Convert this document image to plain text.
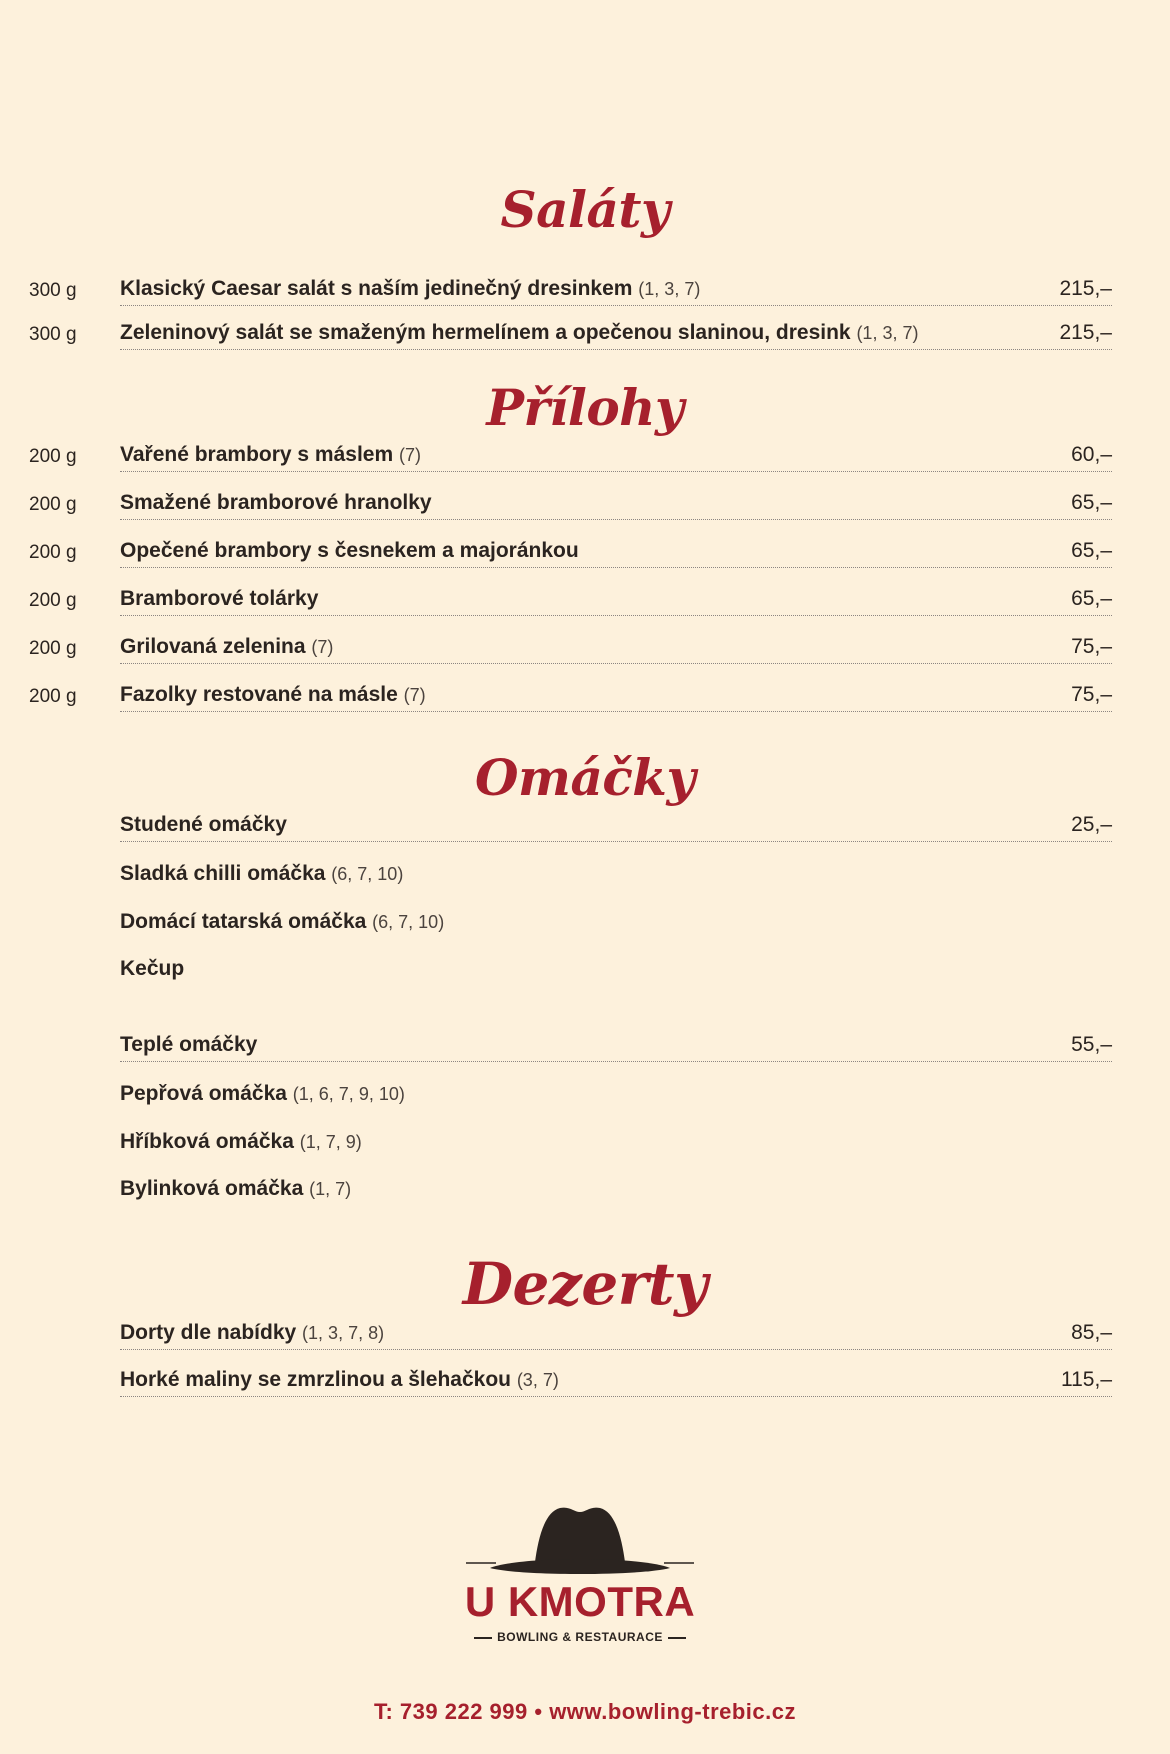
Saláty
300 g Klasický Caesar salát s naším jedinečný dresinkem (1, 3, 7)	215,–
300 g Zeleninový salát se smaženým hermelínem a opečenou slaninou, dresink (1, 3, 7)	215,–
Přílohy
200 g Vařené brambory s máslem (7)	60,–
200 g Smažené bramborové hranolky	65,–
200 g Opečené brambory s česnekem a majoránkou	65,–
200 g Bramborové tolárky	65,–
200 g Grilovaná zelenina (7)	75,–
200 g Fazolky restované na másle (7)	75,–
Omáčky
Studené omáčky	25,–
Sladká chilli omáčka (6, 7, 10)
Domácí tatarská omáčka (6, 7, 10)
Kečup
Teplé omáčky	55,–
Pepřová omáčka (1, 6, 7, 9, 10)
Hříbková omáčka (1, 7, 9)
Bylinková omáčka (1, 7)
Dezerty
Dorty dle nabídky (1, 3, 7, 8)	85,–
Horké maliny se zmrzlinou a šlehačkou (3, 7)	115,–
U KMOTRA
BOWLING & RESTAURACE
T: 739 222 999 • www.bowling-trebic.cz
